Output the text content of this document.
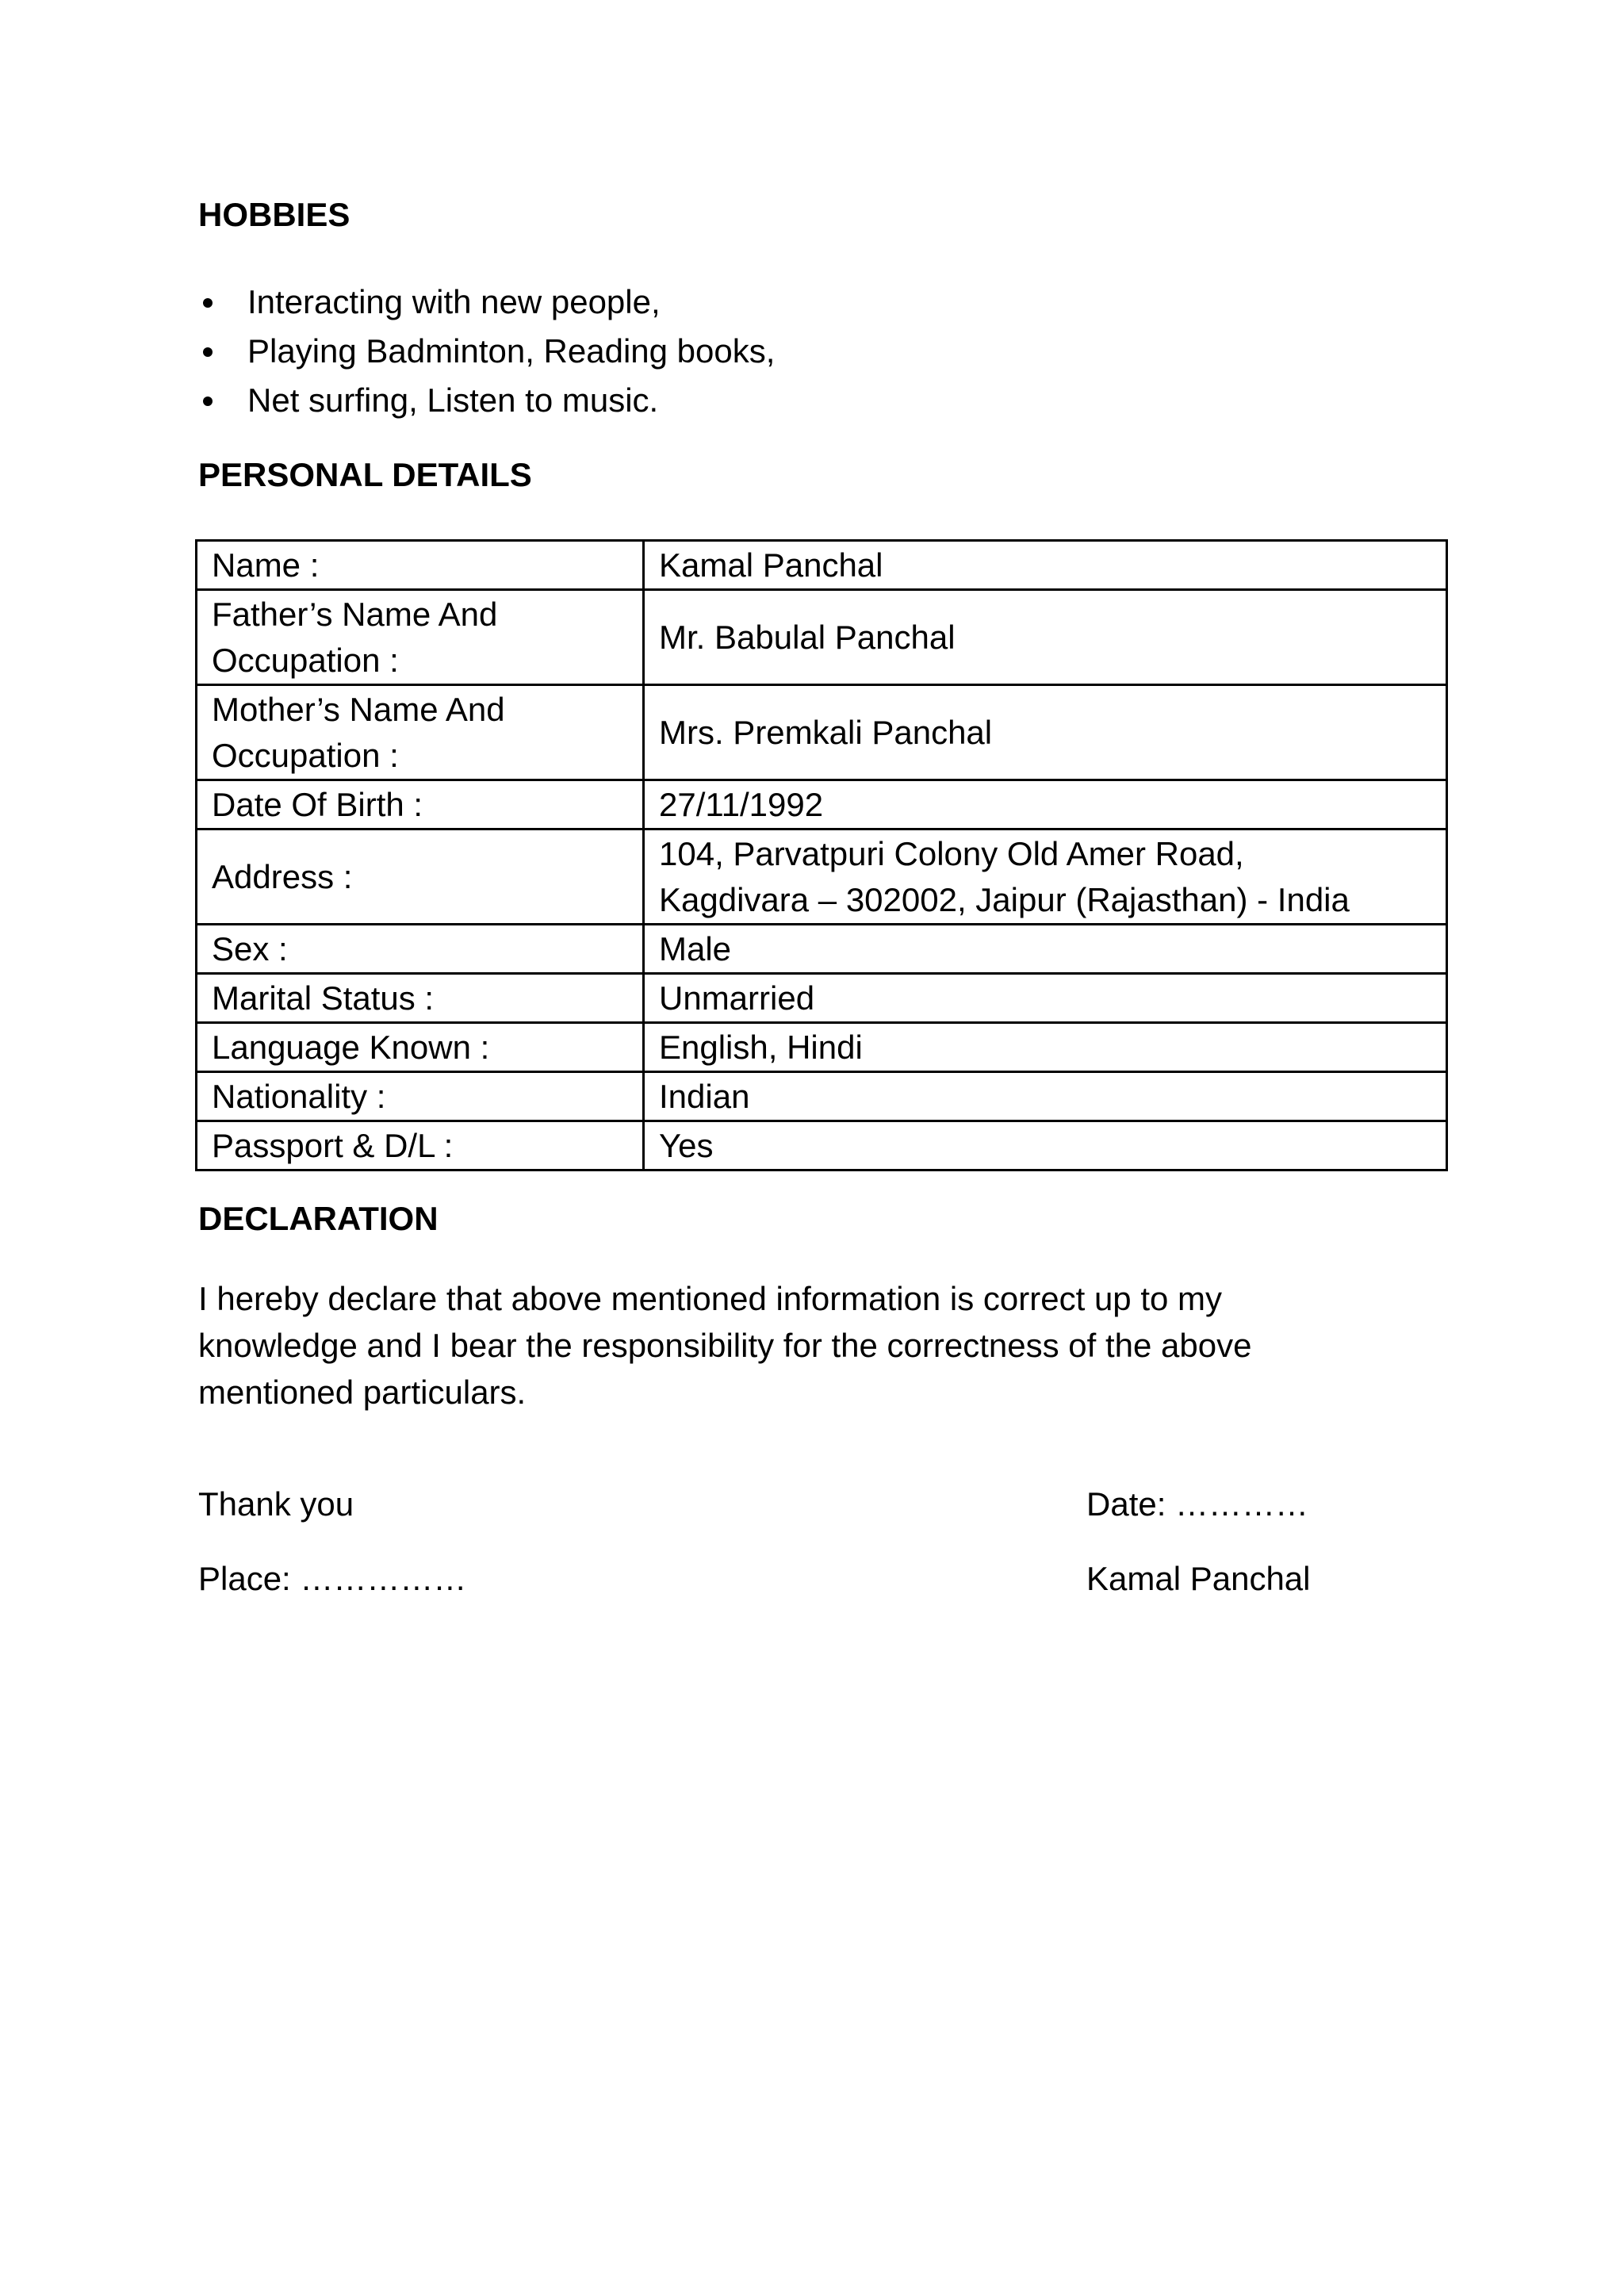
HOBBIES
Interacting with new people,
Playing Badminton, Reading books,
Net surfing, Listen to music.
PERSONAL DETAILS
Name :	Kamal Panchal
Father’s Name And Occupation :	Mr. Babulal Panchal
Mother’s Name And Occupation :	Mrs. Premkali Panchal
Date Of Birth :	27/11/1992
Address :	104, Parvatpuri Colony Old Amer Road,
Kagdivara – 302002, Jaipur (Rajasthan) - India
Sex :	Male
Marital Status :	Unmarried
Language Known :	English, Hindi
Nationality :	Indian
Passport & D/L :	Yes
DECLARATION

I hereby declare that above mentioned information is correct up to my knowledge and I bear the responsibility for the correctness of the above mentioned particulars.

Thank you
Place: ……………
Date: …………
Kamal Panchal
